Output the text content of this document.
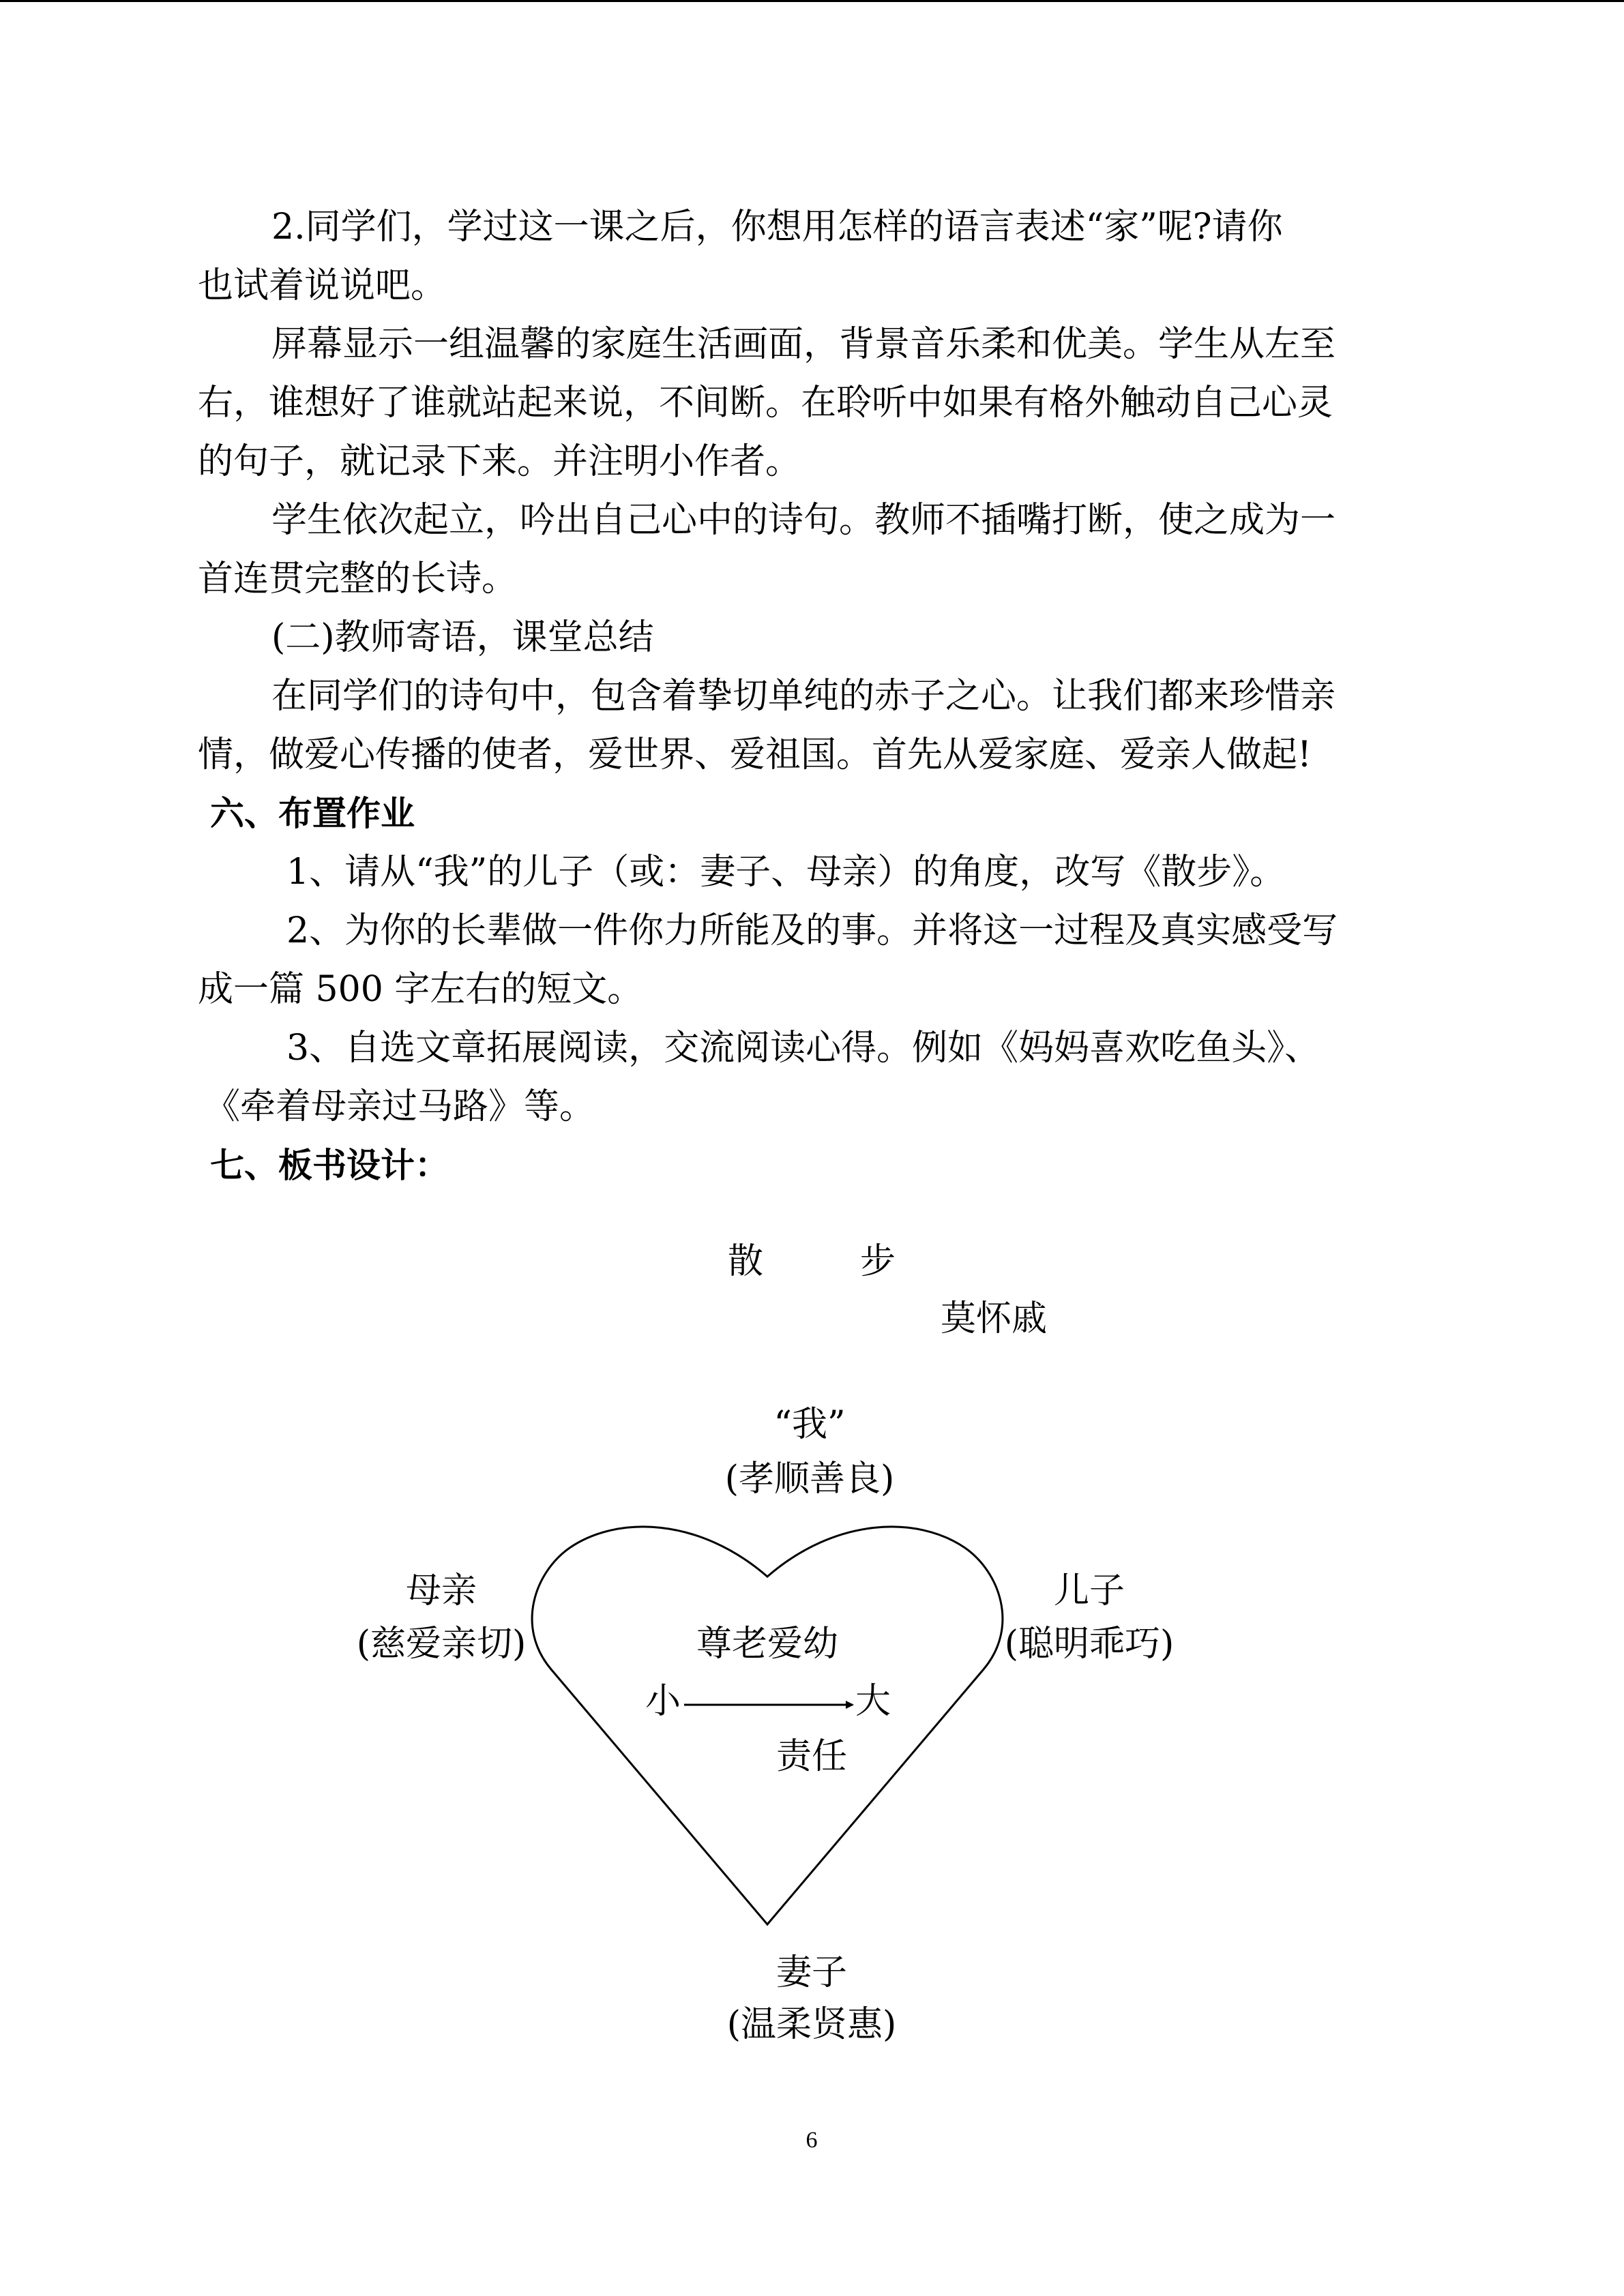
2.同学们，学过这一课之后，你想用怎样的语言表述“家”呢?请你
也试着说说吧。
屏幕显示一组温馨的家庭生活画面，背景音乐柔和优美。学生从左至
右，谁想好了谁就站起来说，不间断。在聆听中如果有格外触动自己心灵
的句子，就记录下来。并注明小作者。
学生依次起立，吟出自己心中的诗句。教师不插嘴打断，使之成为一
首连贯完整的长诗。
(二)教师寄语，课堂总结
在同学们的诗句中，包含着挚切单纯的赤子之心。让我们都来珍惜亲
情，做爱心传播的使者，爱世界、爱祖国。首先从爱家庭、爱亲人做起!
六、布置作业
1、请从“我”的儿子（或：妻子、母亲）的角度，改写《散步》。
2、为你的长辈做一件你力所能及的事。并将这一过程及真实感受写
成一篇 500 字左右的短文。
3、自选文章拓展阅读，交流阅读心得。例如《妈妈喜欢吃鱼头》、
《牵着母亲过马路》等。
七、板书设计：
散	步
莫怀戚
“我”
(孝顺善良)
母亲
(慈爱亲切)
儿子
(聪明乖巧)
尊老爱幼
小	大
责任
妻子
(温柔贤惠)
6
